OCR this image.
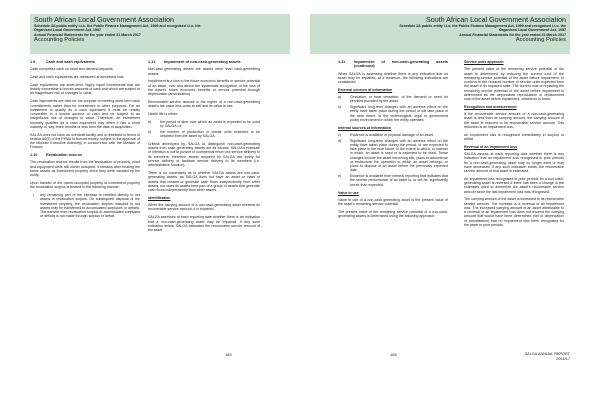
South African Local Government Association
Schedule 3A public entity i.t.o. the Public Finance Management Act, 1999 and recognised i.t.o. the
Organised Local Government Act, 1997
Annual Financial Statements for the year ended 31 March 2017
Accounting Policies
1.9	Cash and cash equivalents

Cash comprises cash on hand and demand deposits.

Cash and cash equivalents are measured at amortised cost.

Cash equivalents are short-term, highly liquid investments that are readily convertible to known amounts of cash and which are subject to an insignificant risk of changes in value.

Cash equivalents are held for the purpose of meeting short-term cash commitments rather than for investment or other purposes. For an investment to qualify as a cash equivalent it must be readily convertible to a known amount of cash and be subject to an insignificant risk of changes in value. Therefore, an investment normally qualifies as a cash equivalent only when it has a short maturity of, say, three months or less from the date of acquisition.

SALGA does not have an overdraft facility and is restricted in terms of section 66(5) of the PFMA to borrow money, subject to the approval of the Minister Executive Authority) in concurrence with the Minister of Finance.

1.10	Revaluation reserve

The revaluation reserve results from the revaluation of property, plant and equipment while still owner occupied. It remains after treating the same assets as investment property since they were vacated by the entity.

Upon transfer of the owner-occupied property to investment property the revaluation surplus is treated in the following manner:

• any remaining part of the increase is credited directly to net assets in revaluation surplus. On subsequent disposal of the investment property, the revaluation surplus included in net assets may be transferred to accumulated surpluses or deficits. The transfer from revaluation surplus to accumulated surpluses or deficits is not made through surplus or deficit.
1.11	Impairment of non-cash-generating assets

Non-cash-generating assets are assets other than cash-generating assets.

Impairment is a loss in the future economic benefits or service potential of an asset, over and above the systematic recognition of the loss of the asset's future economic benefits or service potential through depreciation (amortisation).

Recoverable service amount is the higher of a non-cash-generating asset's fair value less costs to sell and its value in use.

Useful life is either:

a) the period of time over which an asset is expected to be used by SALGA; or
b) the number of production or similar units expected to be obtained from the asset by SALGA.

Criteria developed by SALGA to distinguish non-cash-generating assets from cash-generating assets are as follows: SALGA's mandate or intention is not to pursue of commercial return but service delivery to its members, therefore assets acquired by SALGA are solely for service delivery or facilitate service delivery to its members (i.e. administrative function).

There is no uncertainty as to whether SALGA assets are non-cash-generating assets, as SALGA does not have an asset or class of assets that creates or generate cash flows independently from other assets, nor does its assets form part of a group of assets that generate cash flows independently from other assets.

Identification

When the carrying amount of a non-cash-generating asset exceeds its recoverable service amount, it is impaired.

SALGA assesses at each reporting date whether there is an indication that a non-cash-generating asset may be impaired. If any such indication exists, SALGA estimates the recoverable service amount of the asset.

184
South African Local Government Association
Schedule 3A public entity i.t.o. the Public Finance Management Act, 1999 and recognised i.t.o. the
Organised Local Government Act, 1997
Annual Financial Statements for the year ended 31 March 2017
Accounting Policies
1.11	Impairment of non-cash-generating assets (continued)

When SALGA is assessing whether there is any indication that an asset may be impaired, at a minimum, the following indications are considered:

External sources of information
a) Cessation, or near cessation, of the demand or need for services provided by the asset.
b) Significant long-term changes with an adverse effect on the entity have taken place during the period or will take place in the near future, in the technological, legal or government policy environment in which the entity operates.
Internal sources of information
c)	Evidence is available of physical damage of an asset.
d) Significant long-term changes with an adverse effect on the entity have taken place during the period, or are expected to take place in the near future, in the extent to which, or manner in which, an asset is used or is expected to be used. These changes include the asset becoming idle, plans to discontinue or restructure the operation to which an asset belongs, or plans to dispose of an asset before the previously expected date.
e) Evidence is available from internal reporting that indicates that the service performance of an asset is, or will be, significantly worse than expected.
Value in use

Value in use of a non-cash-generating asset is the present value of the asset's remaining service potential.

The present value of the remaining service potential of a non-cash-generating assets is determined using the following approach:

Service units approach

The present value of the remaining service potential of the asset is determined by reducing the current cost of the remaining service potential of the asset before impairment, to conform to the reduced number of service units expected from the asset in its impaired state. The current cost of replacing the remaining service potential of the asset before impairment is determined as the depreciated reproduction or replacement cost of the asset before impairment, whichever is lower.

Recognition and measurement

If the recoverable service amount of a non-cash-generating asset is less than its carrying amount, the carrying amount of the asset is reduced to its recoverable service amount. This reduction is an impairment loss.

An impairment loss is recognised immediately in surplus or deficit.

Reversal of an impairment loss

SALGA assess at each reporting date whether there is any indication that an impairment loss recognised in prior periods for a non-cash-generating asset may no longer exist or may have decreased. If any such indication exists, the recoverable service amount of that asset is estimated.

An impairment loss recognised in prior periods for a non-cash-generating asset is reversed if there has been a change in the estimates used to determine the asset's recoverable service amount since the last impairment loss was recognised.

The carrying amount of the asset is increased to its recoverable service amount. The increase is a reversal of an impairment loss. The increased carrying amount of an asset attributable to a reversal of an impairment loss does not exceed the carrying amount that would have been determined (net of depreciation or amortisation) had no impairment loss been recognised for the asset in prior periods.

185	SALGA ANNUAL REPORT
2016/17
